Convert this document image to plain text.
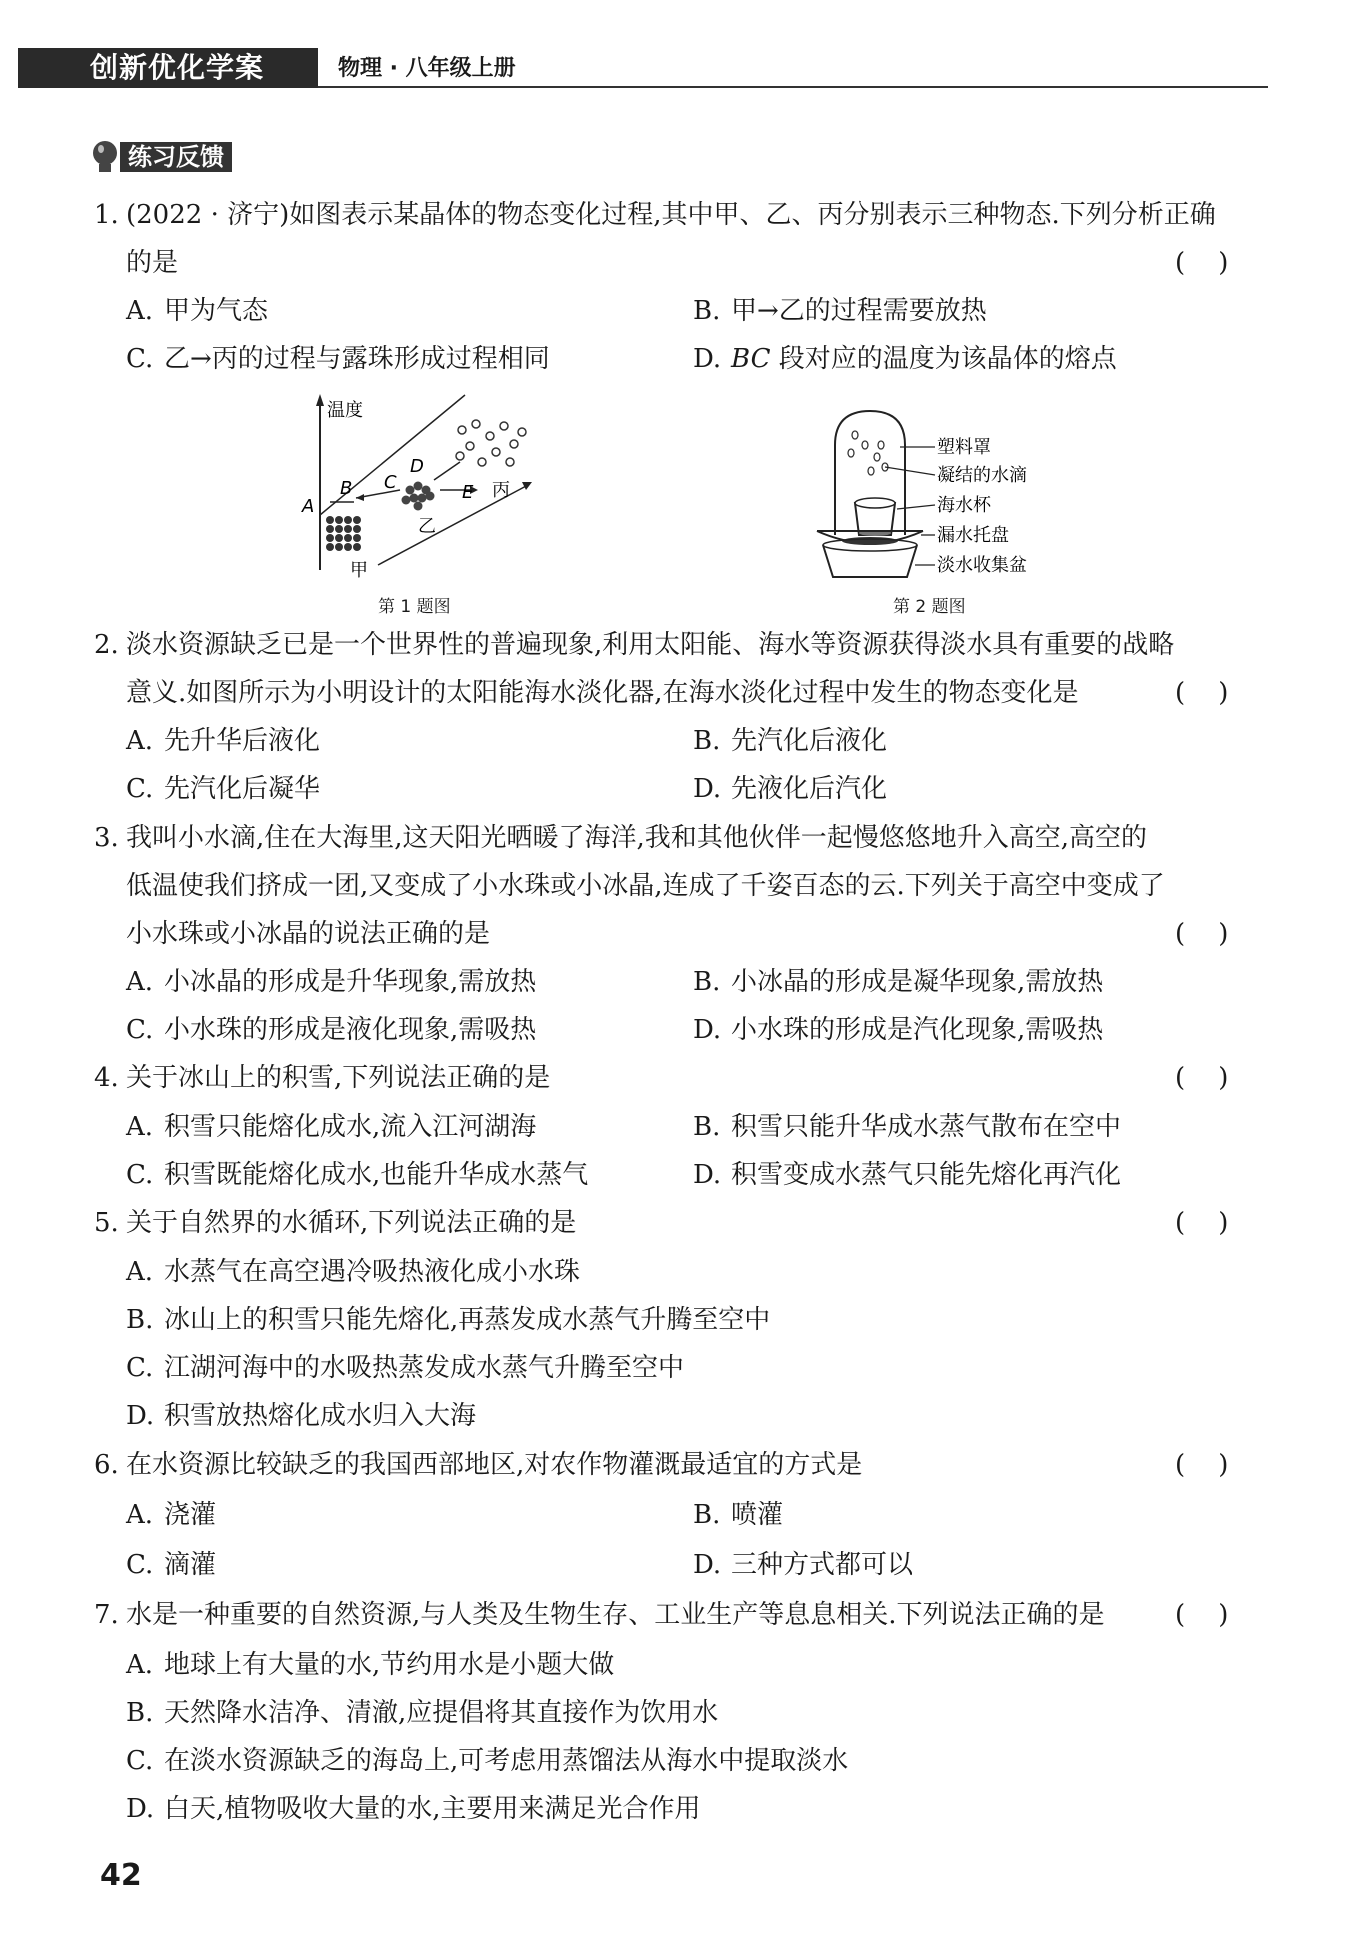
创新优化学案	物理 · 八年级上册
练习反馈
1. (2022 · 济宁)如图表示某晶体的物态变化过程,其中甲、乙、丙分别表示三种物态.下列分析正确
的是	(    )
A. 甲为气态	B. 甲→乙的过程需要放热
C. 乙→丙的过程与露珠形成过程相同	D. BC 段对应的温度为该晶体的熔点
温度
A
B C
D
E
甲
乙
丙
第 1 题图
塑料罩
凝结的水滴
海水杯
漏水托盘
淡水收集盆
第 2 题图
2. 淡水资源缺乏已是一个世界性的普遍现象,利用太阳能、海水等资源获得淡水具有重要的战略
意义.如图所示为小明设计的太阳能海水淡化器,在海水淡化过程中发生的物态变化是	(    )
A. 先升华后液化	B. 先汽化后液化
C. 先汽化后凝华	D. 先液化后汽化
3. 我叫小水滴,住在大海里,这天阳光晒暖了海洋,我和其他伙伴一起慢悠悠地升入高空,高空的
低温使我们挤成一团,又变成了小水珠或小冰晶,连成了千姿百态的云.下列关于高空中变成了
小水珠或小冰晶的说法正确的是	(    )
A. 小冰晶的形成是升华现象,需放热	B. 小冰晶的形成是凝华现象,需放热
C. 小水珠的形成是液化现象,需吸热	D. 小水珠的形成是汽化现象,需吸热
4. 关于冰山上的积雪,下列说法正确的是	(    )
A. 积雪只能熔化成水,流入江河湖海	B. 积雪只能升华成水蒸气散布在空中
C. 积雪既能熔化成水,也能升华成水蒸气	D. 积雪变成水蒸气只能先熔化再汽化
5. 关于自然界的水循环,下列说法正确的是	(    )
A. 水蒸气在高空遇冷吸热液化成小水珠
B. 冰山上的积雪只能先熔化,再蒸发成水蒸气升腾至空中
C. 江湖河海中的水吸热蒸发成水蒸气升腾至空中
D. 积雪放热熔化成水归入大海
6. 在水资源比较缺乏的我国西部地区,对农作物灌溉最适宜的方式是	(    )
A. 浇灌	B. 喷灌
C. 滴灌	D. 三种方式都可以
7. 水是一种重要的自然资源,与人类及生物生存、工业生产等息息相关.下列说法正确的是	(    )
A. 地球上有大量的水,节约用水是小题大做
B. 天然降水洁净、清澈,应提倡将其直接作为饮用水
C. 在淡水资源缺乏的海岛上,可考虑用蒸馏法从海水中提取淡水
D. 白天,植物吸收大量的水,主要用来满足光合作用
42
